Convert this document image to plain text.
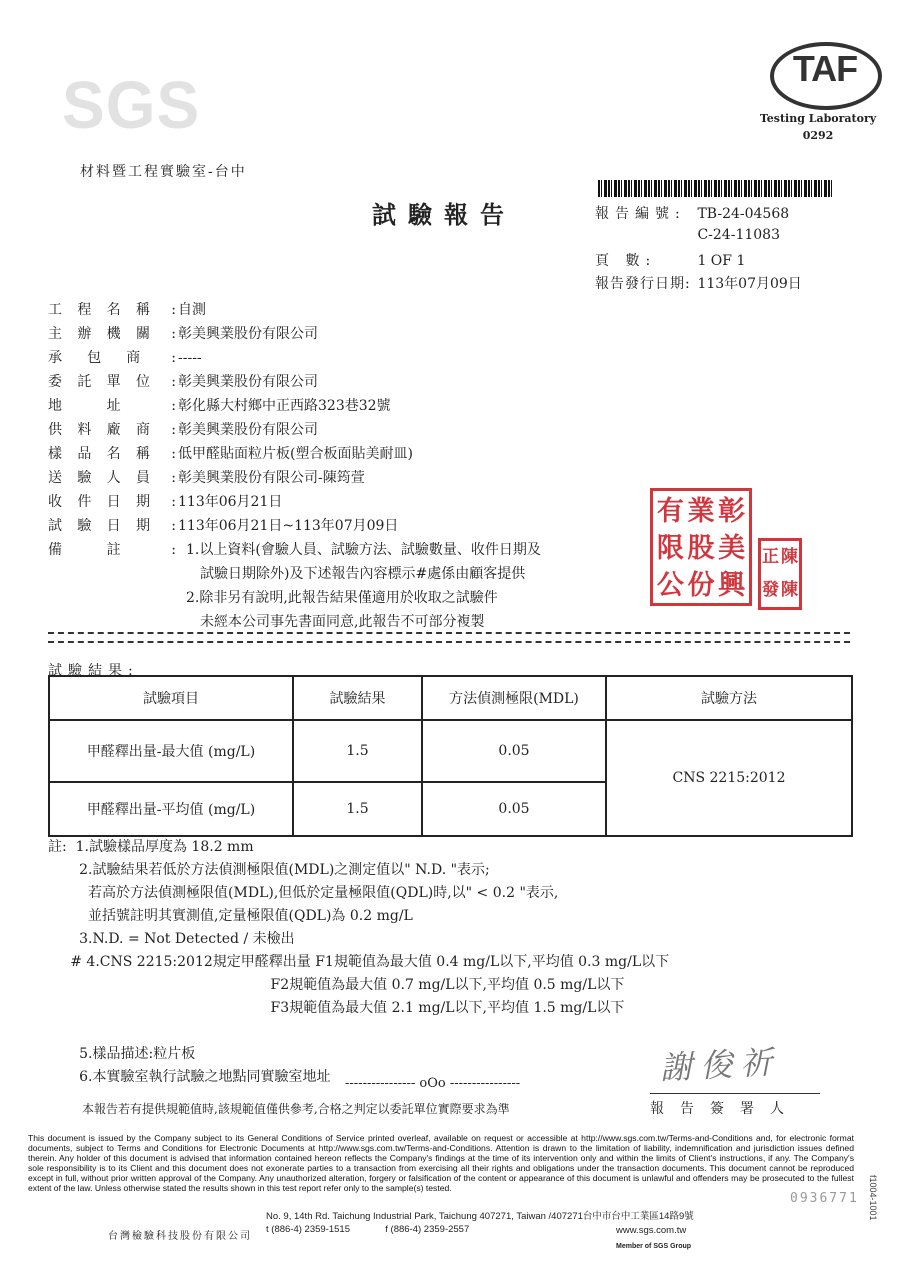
SGS	TAF
Testing Laboratory
0292
材料暨工程實驗室-台中
試驗報告	報告編號: TB-24-04568
C-24-11083
頁 數:	1 OF 1
報告發行日期: 113年07月09日
工 程 名 稱 : 自測
主 辦 機 關 : 彰美興業股份有限公司
承 包 商 : -----
委 託 單 位 : 彰美興業股份有限公司
地	址	: 彰化縣大村鄉中正西路323巷32號
供 料 廠 商 : 彰美興業股份有限公司
樣 品 名 稱 : 低甲醛貼面粒片板(塑合板面貼美耐皿)
送 驗 人 員 : 彰美興業股份有限公司-陳筠萱
收 件 日 期 : 113年06月21日
試 驗 日 期 : 113年06月21日~113年07月09日
備	註	: 1.以上資料(會驗人員、試驗方法、試驗數量、收件日期及
試驗日期除外)及下述報告內容標示#處係由顧客提供
2.除非另有說明,此報告結果僅適用於收取之試驗件
未經本公司事先書面同意,此報告不可部分複製
有 業 彰
限 股 美
公 份 興
正 陳
發 陳
試驗結果:
試驗項目	試驗結果	方法偵測極限(MDL)	試驗方法
甲醛釋出量-最大值 (mg/L)	1.5	0.05	CNS 2215:2012
甲醛釋出量-平均值 (mg/L)	1.5	0.05	
註:  1.試驗樣品厚度為 18.2 mm
2.試驗結果若低於方法偵測極限值(MDL)之測定值以" N.D. "表示;
若高於方法偵測極限值(MDL),但低於定量極限值(QDL)時,以" < 0.2 "表示,
並括號註明其實測值,定量極限值(QDL)為 0.2 mg/L
3.N.D. = Not Detected / 未檢出
# 4.CNS 2215:2012規定甲醛釋出量 F1規範值為最大值 0.4 mg/L以下,平均值 0.3 mg/L以下
F2規範值為最大值 0.7 mg/L以下,平均值 0.5 mg/L以下
F3規範值為最大值 2.1 mg/L以下,平均值 1.5 mg/L以下
5.樣品描述:粒片板
6.本實驗室執行試驗之地點同實驗室地址	謝俊祈
---------------- oOo ----------------
本報告若有提供規範值時,該規範值僅供參考,合格之判定以委託單位實際要求為準	報告簽署人
This document is issued by the Company subject to its General Conditions of Service printed overleaf, available on request or accessible at http://www.sgs.com.tw/Terms-and-Conditions and, for electronic format documents, subject to Terms and Conditions for Electronic Documents at http://www.sgs.com.tw/Terms-and-Conditions. Attention is drawn to the limitation of liability, indemnification and jurisdiction issues defined therein. Any holder of this document is advised that information contained hereon reflects the Company's findings at the time of its intervention only and within the limits of Client's instructions, if any. The Company's sole responsibility is to its Client and this document does not exonerate parties to a transaction from exercising all their rights and obligations under the transaction documents. This document cannot be reproduced except in full, without prior written approval of the Company. Any unauthorized alteration, forgery or falsification of the content or appearance of this document is unlawful and offenders may be prosecuted to the fullest extent of the law. Unless otherwise stated the results shown in this test report refer only to the sample(s) tested.
0936771 f1004-1001
台灣檢驗科技股份有限公司
No. 9, 14th Rd. Taichung Industrial Park, Taichung 407271, Taiwan /407271台中市台中工業區14路9號
t (886-4) 2359-1515	f (886-4) 2359-2557	www.sgs.com.tw
Member of SGS Group
